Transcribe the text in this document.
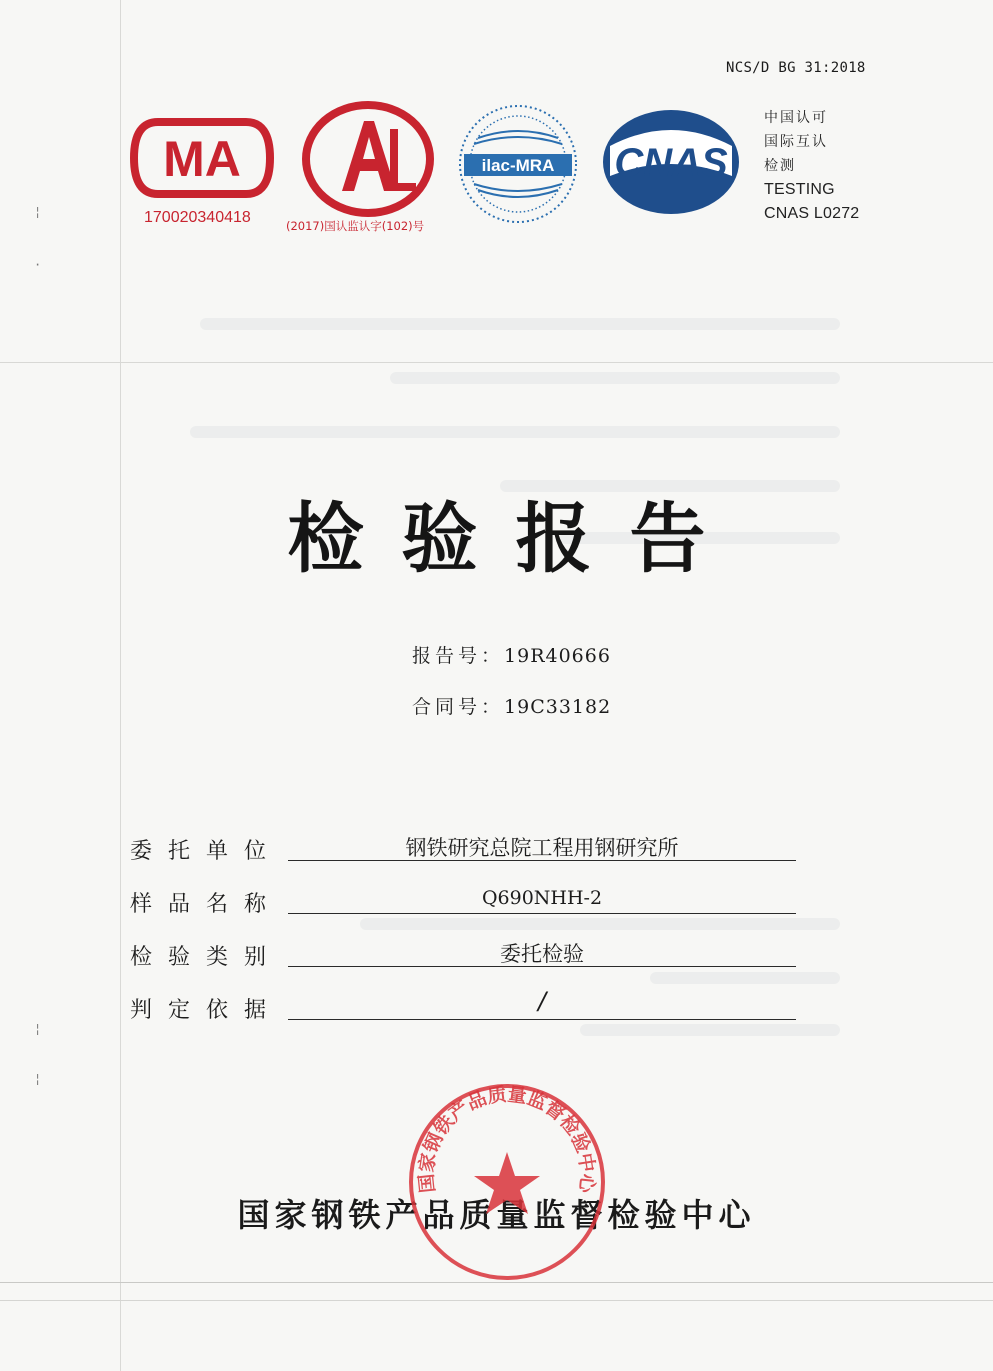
¦
·
¦
¦
NCS/D BG 31:2018
MA
170020340418	(2017)国认监认字(102)号
ilac-MRA CNAS
中国认可
国际互认
检测
TESTING
CNAS L0272
检验报告
报告号：19R40666
合同号：19C33182
委托单位	钢铁研究总院工程用钢研究所
样品名称	Q690NHH-2
检验类别	委托检验
判定依据	/
国家钢铁产品质量监督检验中心
国家钢铁产品质量监督检验中心
